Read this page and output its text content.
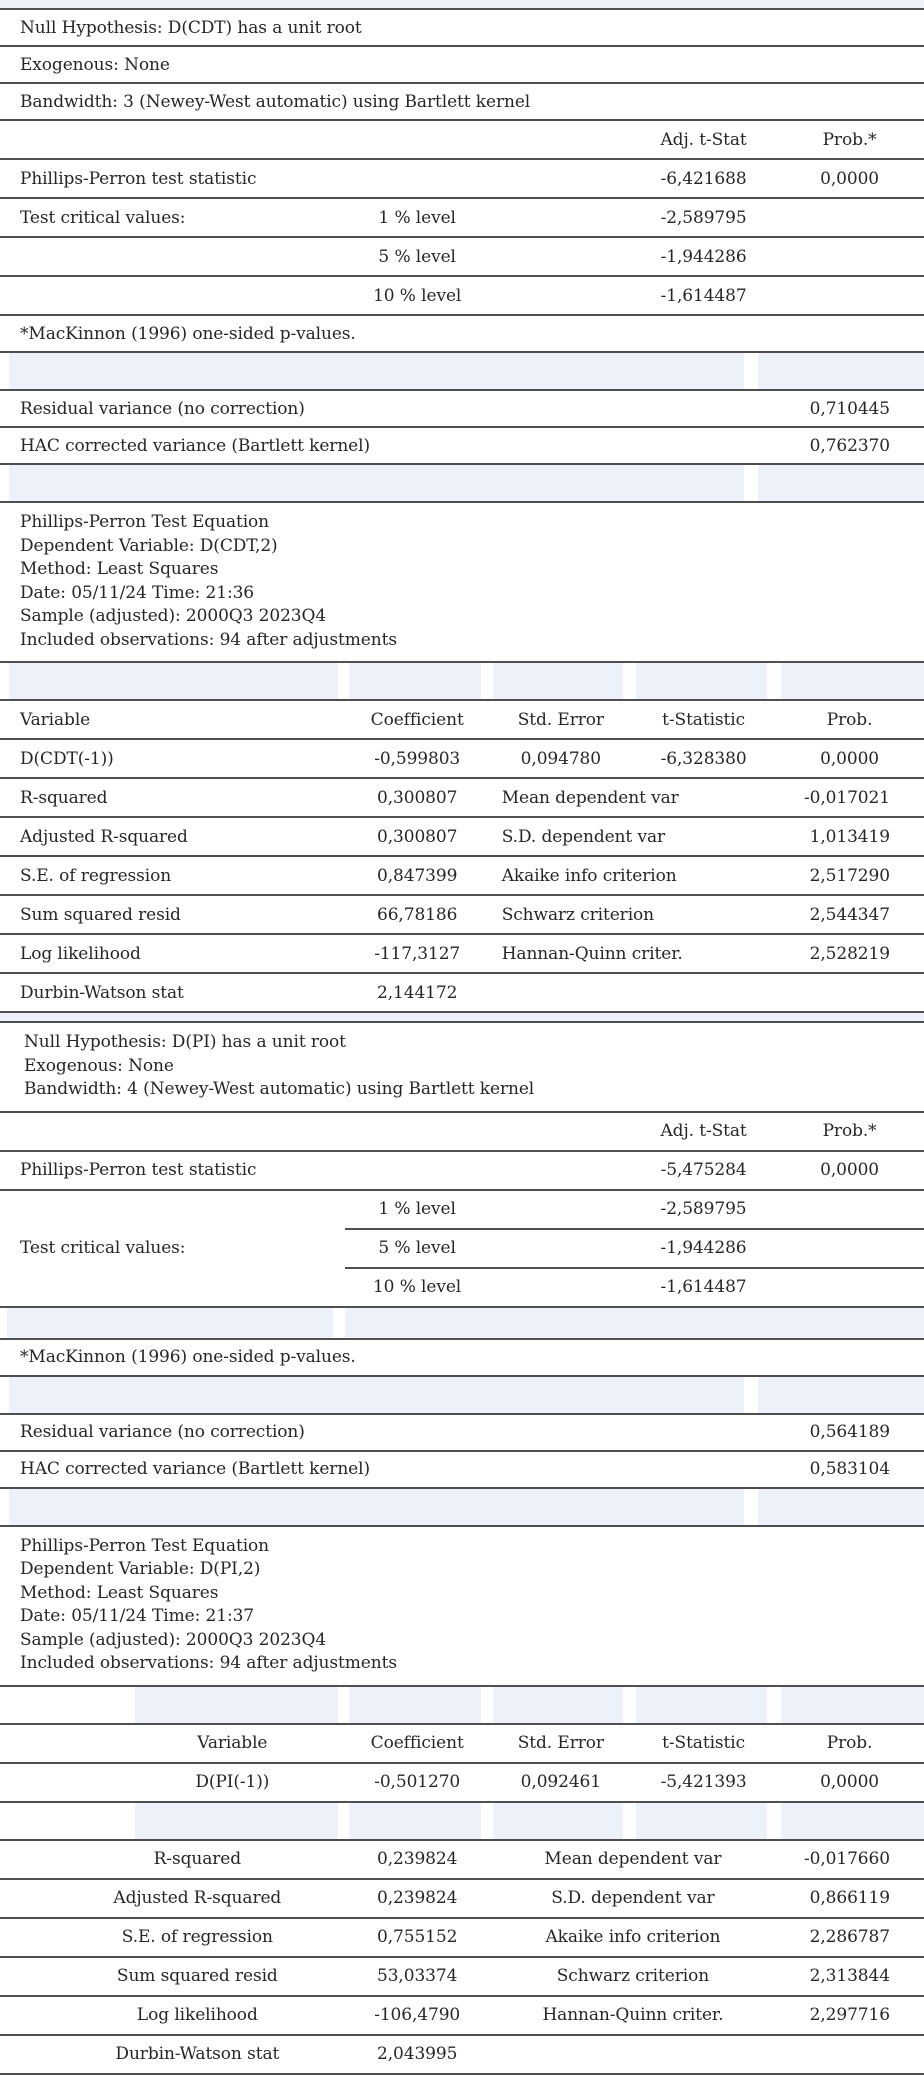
Null Hypothesis: D(CDT) has a unit root
Exogenous: None
Bandwidth: 3 (Newey-West automatic) using Bartlett kernel
Adj. t-Stat	Prob.*
Phillips-Perron test statistic	-6,421688	0,0000
Test critical values:	1 % level	-2,589795
5 % level	-1,944286
10 % level	-1,614487
*MacKinnon (1996) one-sided p-values.
Residual variance (no correction)	0,710445
HAC corrected variance (Bartlett kernel)	0,762370
Phillips-Perron Test Equation
Dependent Variable: D(CDT,2)
Method: Least Squares
Date: 05/11/24 Time: 21:36
Sample (adjusted): 2000Q3 2023Q4
Included observations: 94 after adjustments
Variable	Coefficient	Std. Error	t-Statistic	Prob.
D(CDT(-1))	-0,599803	0,094780	-6,328380	0,0000
R-squared	0,300807	Mean dependent var	-0,017021
Adjusted R-squared	0,300807	S.D. dependent var	1,013419
S.E. of regression	0,847399	Akaike info criterion	2,517290
Sum squared resid	66,78186	Schwarz criterion	2,544347
Log likelihood	-117,3127	Hannan-Quinn criter.	2,528219
Durbin-Watson stat	2,144172
Null Hypothesis: D(PI) has a unit root
Exogenous: None
Bandwidth: 4 (Newey-West automatic) using Bartlett kernel
Adj. t-Stat	Prob.*
Phillips-Perron test statistic	-5,475284	0,0000
Test critical values:
1 % level	-2,589795
5 % level	-1,944286
10 % level	-1,614487
*MacKinnon (1996) one-sided p-values.
Residual variance (no correction)	0,564189
HAC corrected variance (Bartlett kernel)	0,583104
Phillips-Perron Test Equation
Dependent Variable: D(PI,2)
Method: Least Squares
Date: 05/11/24 Time: 21:37
Sample (adjusted): 2000Q3 2023Q4
Included observations: 94 after adjustments
Variable	Coefficient	Std. Error	t-Statistic	Prob.
D(PI(-1))	-0,501270	0,092461	-5,421393	0,0000
R-squared	0,239824	Mean dependent var	-0,017660
Adjusted R-squared	0,239824	S.D. dependent var	0,866119
S.E. of regression	0,755152	Akaike info criterion	2,286787
Sum squared resid	53,03374	Schwarz criterion	2,313844
Log likelihood	-106,4790	Hannan-Quinn criter.	2,297716
Durbin-Watson stat	2,043995
